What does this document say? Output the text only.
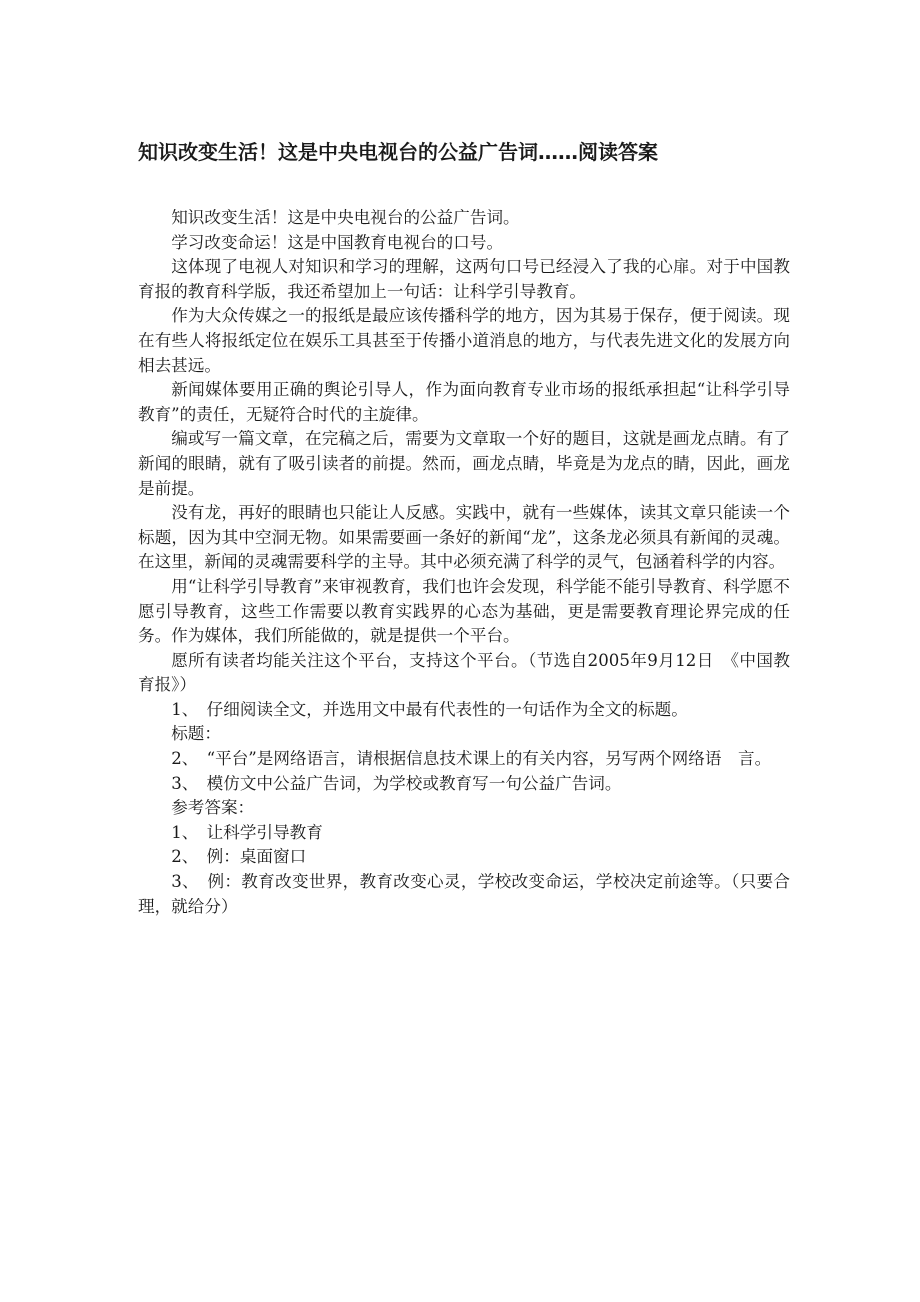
知识改变生活！这是中央电视台的公益广告词……阅读答案

知识改变生活！这是中央电视台的公益广告词。

学习改变命运！这是中国教育电视台的口号。

这体现了电视人对知识和学习的理解，这两句口号已经浸入了我的心扉。对于中国教育报的教育科学版，我还希望加上一句话：让科学引导教育。

作为大众传媒之一的报纸是最应该传播科学的地方，因为其易于保存，便于阅读。现在有些人将报纸定位在娱乐工具甚至于传播小道消息的地方，与代表先进文化的发展方向相去甚远。

新闻媒体要用正确的舆论引导人，作为面向教育专业市场的报纸承担起“让科学引导教育”的责任，无疑符合时代的主旋律。

编或写一篇文章，在完稿之后，需要为文章取一个好的题目，这就是画龙点睛。有了新闻的眼睛，就有了吸引读者的前提。然而，画龙点睛，毕竟是为龙点的睛，因此，画龙是前提。

没有龙，再好的眼睛也只能让人反感。实践中，就有一些媒体，读其文章只能读一个标题，因为其中空洞无物。如果需要画一条好的新闻“龙”，这条龙必须具有新闻的灵魂。在这里，新闻的灵魂需要科学的主导。其中必须充满了科学的灵气，包涵着科学的内容。

用“让科学引导教育”来审视教育，我们也许会发现，科学能不能引导教育、科学愿不愿引导教育，这些工作需要以教育实践界的心态为基础，更是需要教育理论界完成的任务。作为媒体，我们所能做的，就是提供一个平台。

愿所有读者均能关注这个平台，支持这个平台。（节选自2005年9月12日　《中国教育报》）

1、　仔细阅读全文，并选用文中最有代表性的一句话作为全文的标题。

标题：

2、　“平台”是网络语言，请根据信息技术课上的有关内容，另写两个网络语　言。

3、　模仿文中公益广告词，为学校或教育写一句公益广告词。

参考答案：

1、　让科学引导教育

2、　例：桌面窗口

3、　例：教育改变世界，教育改变心灵，学校改变命运，学校决定前途等。（只要合理，就给分）
